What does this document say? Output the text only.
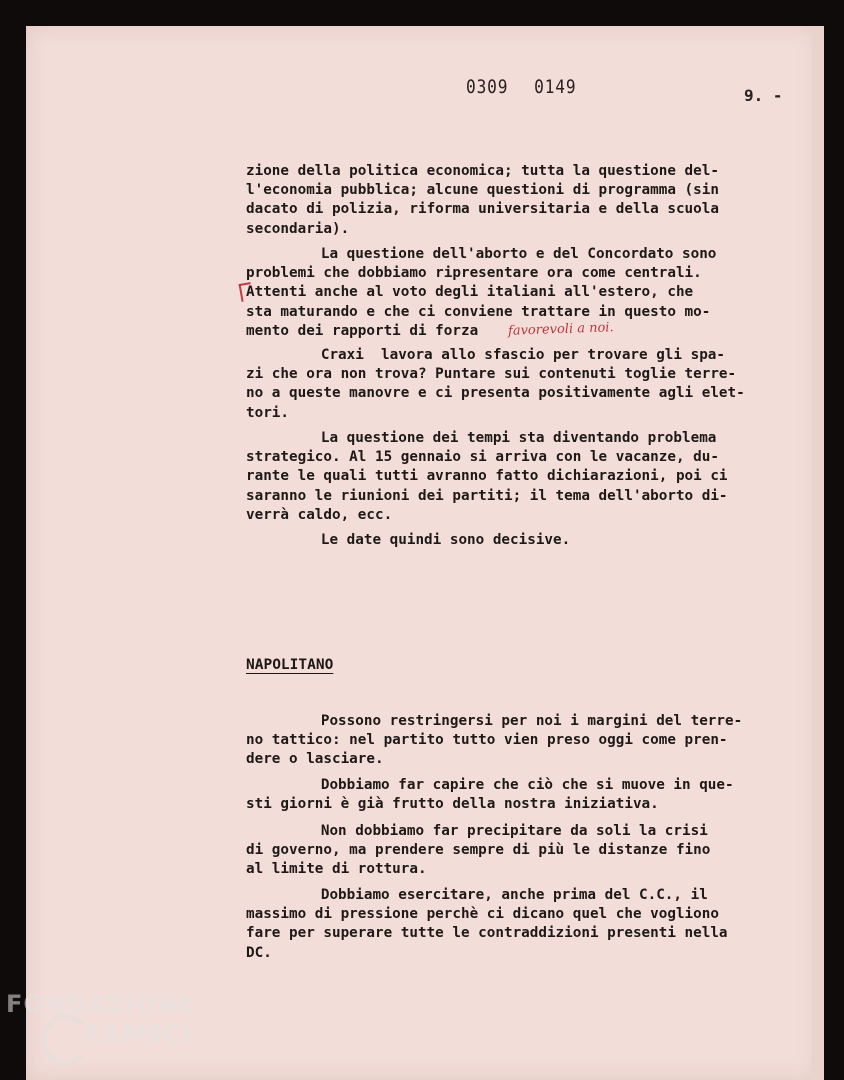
0309 0149	9. -
zione della politica economica; tutta la questione del-
l'economia pubblica; alcune questioni di programma (sin
dacato di polizia, riforma universitaria e della scuola
secondaria).
La questione dell'aborto e del Concordato sono
problemi che dobbiamo ripresentare ora come centrali.
Attenti anche al voto degli italiani all'estero, che
sta maturando e che ci conviene trattare in questo mo-
mento dei rapporti di forza	favorevoli a noi.
Craxi  lavora allo sfascio per trovare gli spa-
zi che ora non trova? Puntare sui contenuti toglie terre-
no a queste manovre e ci presenta positivamente agli elet-
tori.
La questione dei tempi sta diventando problema
strategico. Al 15 gennaio si arriva con le vacanze, du-
rante le quali tutti avranno fatto dichiarazioni, poi ci
saranno le riunioni dei partiti; il tema dell'aborto di-
verrà caldo, ecc.
Le date quindi sono decisive.
NAPOLITANO
Possono restringersi per noi i margini del terre-
no tattico: nel partito tutto vien preso oggi come pren-
dere o lasciare.
Dobbiamo far capire che ciò che si muove in que-
sti giorni è già frutto della nostra iniziativa.
Non dobbiamo far precipitare da soli la crisi
di governo, ma prendere sempre di più le distanze fino
al limite di rottura.
Dobbiamo esercitare, anche prima del C.C., il
massimo di pressione perchè ci dicano quel che vogliono
fare per superare tutte le contraddizioni presenti nella
DC.
FONDAZIONE
RAMSCI
onlus
